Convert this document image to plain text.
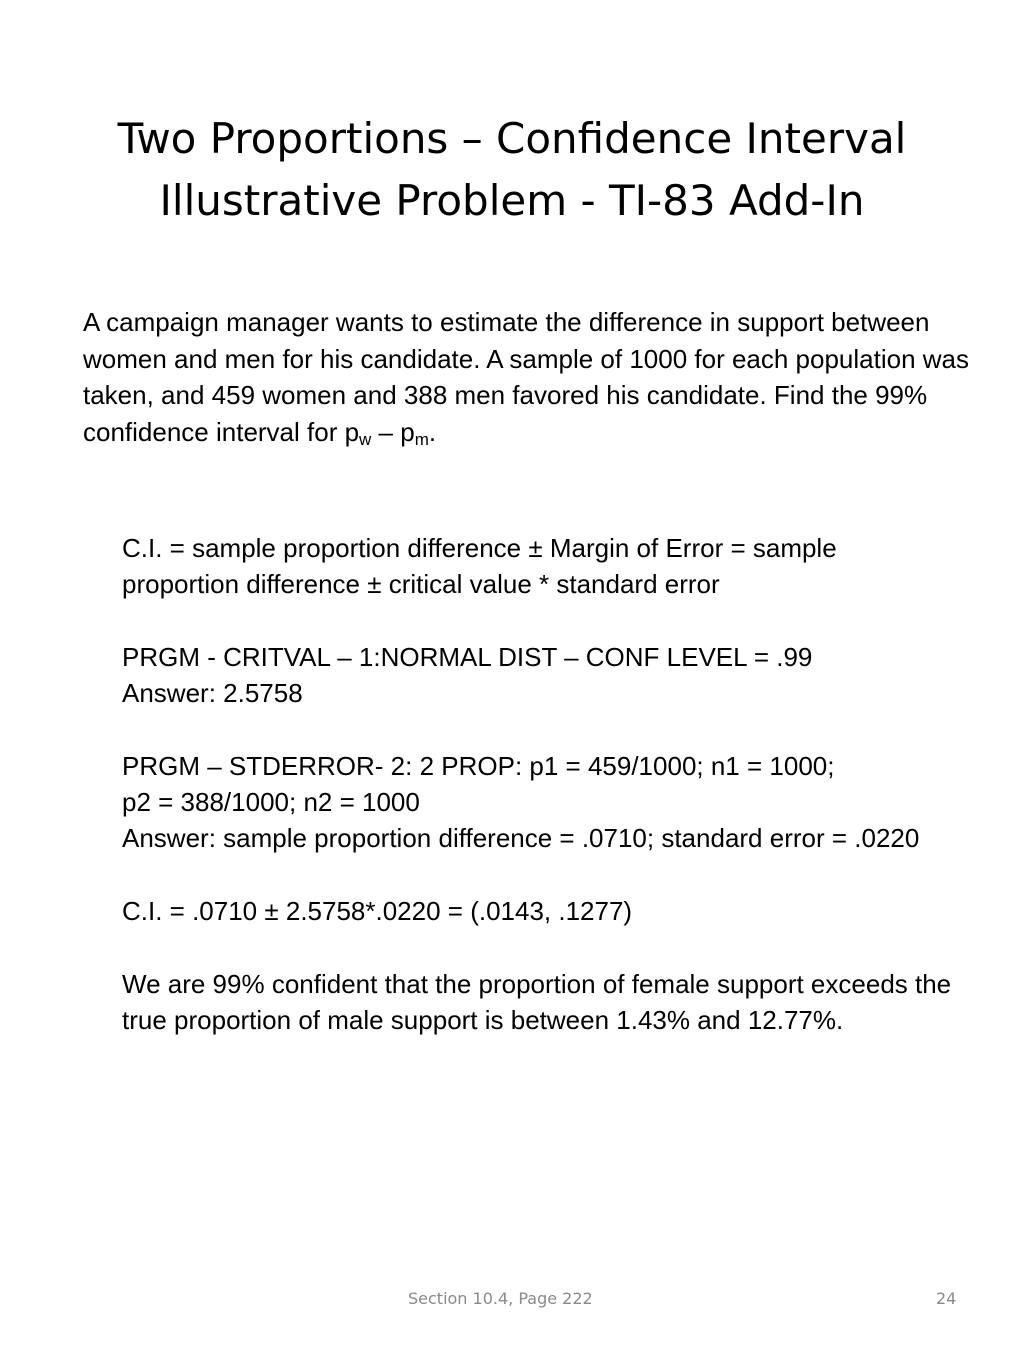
Two Proportions – Confidence Interval
Illustrative Problem - TI-83 Add-In

A campaign manager wants to estimate the difference in support between women and men for his candidate. A sample of 1000 for each population was taken, and 459 women and 388 men favored his candidate. Find the 99% confidence interval for $p_w - p_m$.

C.I. = sample proportion difference ± Margin of Error = sample proportion difference ± critical value * standard error

PRGM - CRITVAL – 1:NORMAL DIST – CONF LEVEL = .99

Answer: 2.5758

PRGM – STDERROR- 2: 2 PROP: p1 = 459/1000; n1 = 1000;

p2 = 388/1000; n2 = 1000

Answer: sample proportion difference = .0710; standard error = .0220

C.I. = .0710 ± 2.5758*.0220 = (.0143, .1277)

We are 99% confident that the proportion of female support exceeds the true proportion of male support is between 1.43% and 12.77%.

Section 10.4, Page 222	24
